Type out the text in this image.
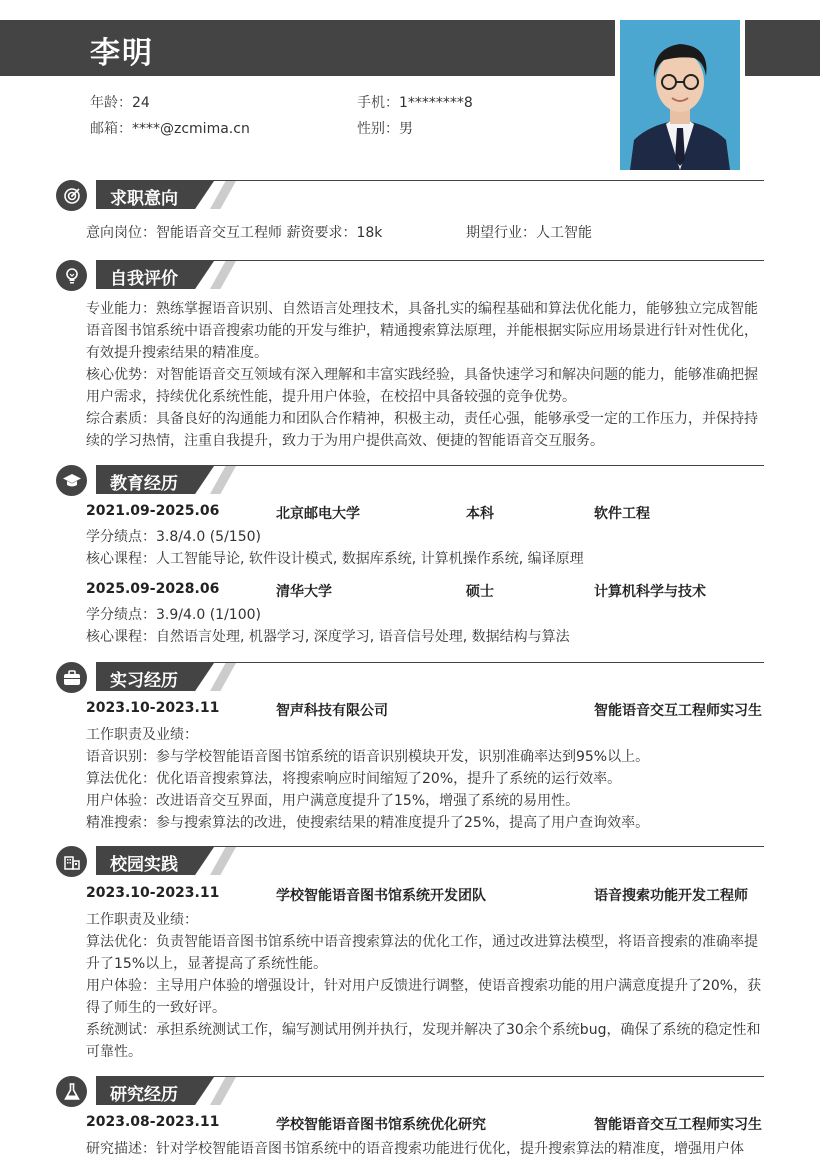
李明
年龄：24	手机：1********8
邮箱：****@zcmima.cn	性别：男
求职意向
意向岗位：智能语音交互工程师 薪资要求：18k	期望行业：人工智能
自我评价
专业能力：熟练掌握语音识别、自然语言处理技术，具备扎实的编程基础和算法优化能力，能够独立完成智能语音图书馆系统中语音搜索功能的开发与维护，精通搜索算法原理，并能根据实际应用场景进行针对性优化，有效提升搜索结果的精准度。
核心优势：对智能语音交互领域有深入理解和丰富实践经验，具备快速学习和解决问题的能力，能够准确把握用户需求，持续优化系统性能，提升用户体验，在校招中具备较强的竞争优势。
综合素质：具备良好的沟通能力和团队合作精神，积极主动，责任心强，能够承受一定的工作压力，并保持持续的学习热情，注重自我提升，致力于为用户提供高效、便捷的智能语音交互服务。
教育经历
2021.09-2025.06	北京邮电大学	本科	软件工程
学分绩点：3.8/4.0 (5/150)
核心课程：人工智能导论, 软件设计模式, 数据库系统, 计算机操作系统, 编译原理
2025.09-2028.06	清华大学	硕士	计算机科学与技术
学分绩点：3.9/4.0 (1/100)
核心课程：自然语言处理, 机器学习, 深度学习, 语音信号处理, 数据结构与算法
实习经历
2023.10-2023.11	智声科技有限公司	智能语音交互工程师实习生
工作职责及业绩：
语音识别：参与学校智能语音图书馆系统的语音识别模块开发，识别准确率达到95%以上。
算法优化：优化语音搜索算法，将搜索响应时间缩短了20%，提升了系统的运行效率。
用户体验：改进语音交互界面，用户满意度提升了15%，增强了系统的易用性。
精准搜索：参与搜索算法的改进，使搜索结果的精准度提升了25%，提高了用户查询效率。
校园实践
2023.10-2023.11	学校智能语音图书馆系统开发团队	语音搜索功能开发工程师
工作职责及业绩：
算法优化：负责智能语音图书馆系统中语音搜索算法的优化工作，通过改进算法模型，将语音搜索的准确率提升了15%以上，显著提高了系统性能。
用户体验：主导用户体验的增强设计，针对用户反馈进行调整，使语音搜索功能的用户满意度提升了20%，获得了师生的一致好评。
系统测试：承担系统测试工作，编写测试用例并执行，发现并解决了30余个系统bug，确保了系统的稳定性和可靠性。
研究经历
2023.08-2023.11	学校智能语音图书馆系统优化研究	智能语音交互工程师实习生
研究描述：针对学校智能语音图书馆系统中的语音搜索功能进行优化，提升搜索算法的精准度，增强用户体
